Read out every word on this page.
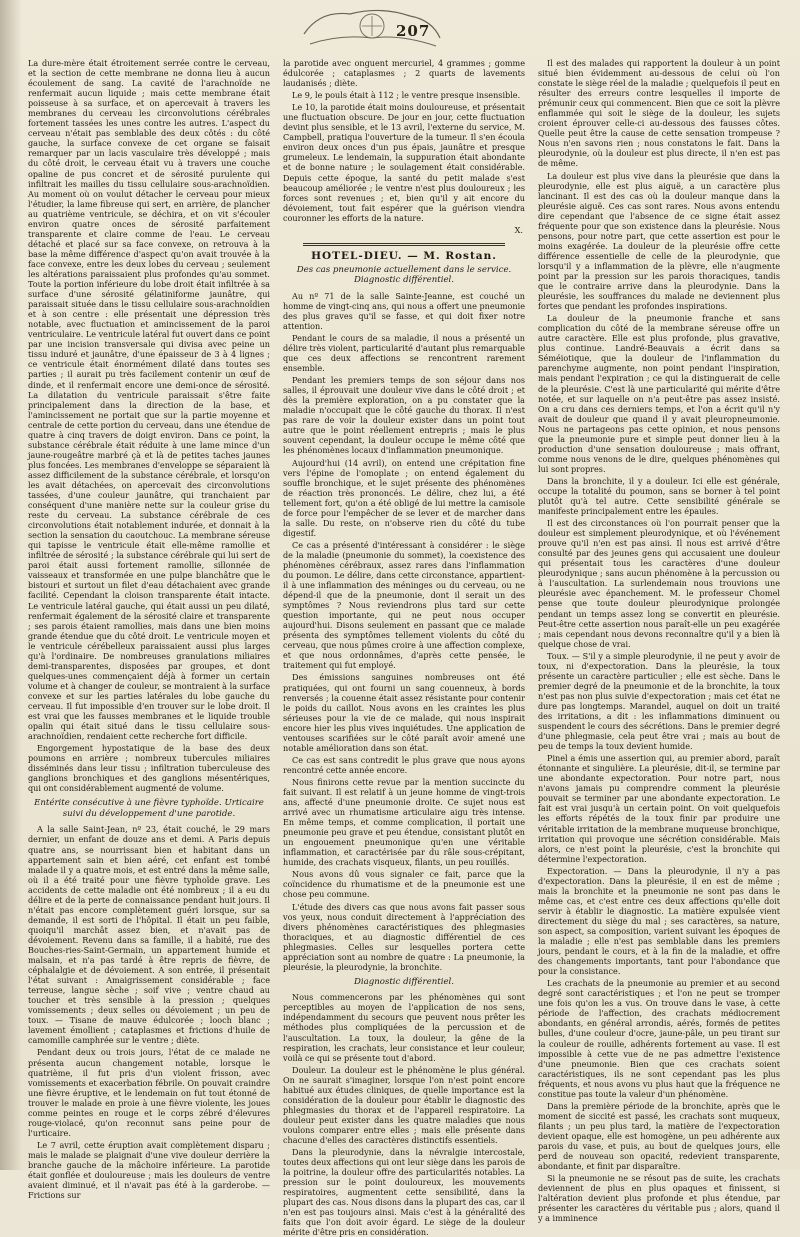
207

La dure-mère était étroitement serrée contre le cerveau, et la section de cette membrane ne donna lieu à aucun écoulement de sang. La cavité de l'arachnoïde ne renfermait aucun liquide ; mais cette membrane était poisseuse à sa surface, et on apercevait à travers les membranes du cerveau les circonvolutions cérébrales fortement tassées les unes contre les autres. L'aspect du cerveau n'était pas semblable des deux côtés : du côté gauche, la surface convexe de cet organe se faisait remarquer par un lacis vasculaire très développé ; mais du côté droit, le cerveau était vu à travers une couche opaline de pus concret et de sérosité purulente qui infiltrait les mailles du tissu cellulaire sous-arachnoïdien. Au moment où on voulut détacher le cerveau pour mieux l'étudier, la lame fibreuse qui sert, en arrière, de plancher au quatrième ventricule, se déchira, et on vit s'écouler environ quatre onces de sérosité parfaitement transparente et claire comme de l'eau. Le cerveau détaché et placé sur sa face convexe, on retrouva à la base la même différence d'aspect qu'on avait trouvée à la face convexe, entre les deux lobes du cerveau ; seulement les altérations paraissaient plus profondes qu'au sommet. Toute la portion inférieure du lobe droit était infiltrée à sa surface d'une sérosité gélatiniforme jaunâtre, qui paraissait située dans le tissu cellulaire sous-arachnoïdien et à son centre : elle présentait une dépression très notable, avec fluctuation et amincissement de la paroi ventriculaire. Le ventricule latéral fut ouvert dans ce point par une incision transversale qui divisa avec peine un tissu induré et jaunâtre, d'une épaisseur de 3 à 4 lignes ; ce ventricule était énormément dilaté dans toutes ses parties ; il aurait pu très facilement contenir un œuf de dinde, et il renfermait encore une demi-once de sérosité. La dilatation du ventricule paraissait s'être faite principalement dans la direction de la base, et l'amincissement ne portait que sur la partie moyenne et centrale de cette portion du cerveau, dans une étendue de quatre à cinq travers de doigt environ. Dans ce point, la substance cérébrale était réduite à une lame mince d'un jaune-rougeâtre marbré çà et là de petites taches jaunes plus foncées. Les membranes d'enveloppe se séparaient là assez difficilement de la substance cérébrale, et lorsqu'on les avait détachées, on apercevait des circonvolutions tassées, d'une couleur jaunâtre, qui tranchaient par conséquent d'une manière nette sur la couleur grise du reste du cerveau. La substance cérébrale de ces circonvolutions était notablement indurée, et donnait à la section la sensation du caoutchouc. La membrane séreuse qui tapisse le ventricule était elle-même ramollie et infiltrée de sérosité ; la substance cérébrale qui lui sert de paroi était aussi fortement ramollie, sillonnée de vaisseaux et transformée en une pulpe blanchâtre que le bistouri et surtout un filet d'eau détachaient avec grande facilité. Cependant la cloison transparente était intacte. Le ventricule latéral gauche, qui était aussi un peu dilaté, renfermait également de la sérosité claire et transparente ; ses parois étaient ramollies, mais dans une bien moins grande étendue que du côté droit. Le ventricule moyen et le ventricule cérébelleux paraissaient aussi plus larges qu'à l'ordinaire. De nombreuses granulations miliaires demi-transparentes, disposées par groupes, et dont quelques-unes commençaient déjà à former un certain volume et à changer de couleur, se montraient à la surface convexe et sur les parties latérales du lobe gauche du cerveau. Il fut impossible d'en trouver sur le lobe droit. Il est vrai que les fausses membranes et le liquide trouble opalin qui était situé dans le tissu cellulaire sous-arachnoïdien, rendaient cette recherche fort difficile.

Engorgement hypostatique de la base des deux poumons en arrière ; nombreux tubercules miliaires disséminés dans leur tissu ; infiltration tuberculeuse des ganglions bronchiques et des ganglions mésentériques, qui ont considérablement augmenté de volume.

Entérite consécutive à une fièvre typhoïde. Urticaire suivi du développement d'une parotide.

A la salle Saint-Jean, nº 23, était couché, le 29 mars dernier, un enfant de douze ans et demi. A Paris depuis quatre ans, se nourrissant bien et habitant dans un appartement sain et bien aéré, cet enfant est tombé malade il y a quatre mois, et est entré dans la même salle, où il a été traité pour une fièvre typhoïde grave. Les accidents de cette maladie ont été nombreux ; il a eu du délire et de la perte de connaissance pendant huit jours. Il n'était pas encore complètement guéri lorsque, sur sa demande, il est sorti de l'hôpital. Il était un peu faible, quoiqu'il marchât assez bien, et n'avait pas de dévoiement. Revenu dans sa famille, il a habité, rue des Bouches-ries-Saint-Germain, un appartement humide et malsain, et n'a pas tardé à être repris de fièvre, de céphalalgie et de dévoiement. A son entrée, il présentait l'état suivant : Amaigrissement considérable ; face terreuse, langue sèche ; soif vive ; ventre chaud au toucher et très sensible à la pression ; quelques vomissements ; deux selles ou dévoiement ; un peu de toux. — Tisane de mauve édulcorée ; looch blanc ; lavement émollient ; cataplasmes et frictions d'huile de camomille camphrée sur le ventre ; diète.

Pendant deux ou trois jours, l'état de ce malade ne présenta aucun changement notable, lorsque le quatrième, il fut pris d'un violent frisson, avec vomissements et exacerbation fébrile. On pouvait craindre une fièvre éruptive, et le lendemain on fut tout étonné de trouver le malade en proie à une fièvre violente, les joues comme peintes en rouge et le corps zébré d'élevures rouge-violacé, qu'on reconnut sans peine pour de l'urticaire.

Le 7 avril, cette éruption avait complètement disparu ; mais le malade se plaignait d'une vive douleur derrière la branche gauche de la mâchoire inférieure. La parotide était gonflée et douloureuse ; mais les douleurs de ventre avaient diminué, et il n'avait pas été à la garderobe. — Frictions sur

la parotide avec onguent mercuriel, 4 grammes ; gomme édulcorée ; cataplasmes ; 2 quarts de lavements laudanisés ; diète.

Le 9, le pouls était à 112 ; le ventre presque insensible.

Le 10, la parotide était moins douloureuse, et présentait une fluctuation obscure. De jour en jour, cette fluctuation devint plus sensible, et le 13 avril, l'externe du service, M. Campbell, pratiqua l'ouverture de la tumeur. Il s'en écoula environ deux onces d'un pus épais, jaunâtre et presque grumeleux. Le lendemain, la suppuration était abondante et de bonne nature ; le soulagement était considérable. Depuis cette époque, la santé du petit malade s'est beaucoup améliorée ; le ventre n'est plus douloureux ; les forces sont revenues ; et, bien qu'il y ait encore du dévoiement, tout fait espérer que la guérison viendra couronner les efforts de la nature.

X.
HOTEL-DIEU. — M. Rostan.
Des cas pneumonie actuellement dans le service. Diagnostic différentiel.

Au nº 71 de la salle Sainte-Jeanne, est couché un homme de vingt-cinq ans, qui nous a offert une pneumonie des plus graves qu'il se fasse, et qui doit fixer notre attention.

Pendant le cours de sa maladie, il nous a présenté un délire très violent, particularité d'autant plus remarquable que ces deux affections se rencontrent rarement ensemble.

Pendant les premiers temps de son séjour dans nos salles, il éprouvait une douleur vive dans le côté droit ; et dès la première exploration, on a pu constater que la maladie n'occupait que le côté gauche du thorax. Il n'est pas rare de voir la douleur exister dans un point tout autre que le point réellement entrepris ; mais le plus souvent cependant, la douleur occupe le même côté que les phénomènes locaux d'inflammation pneumonique.

Aujourd'hui (14 avril), on entend une crépitation fine vers l'épine de l'omoplate ; on entend également du souffle bronchique, et le sujet présente des phénomènes de réaction très prononcés. Le délire, chez lui, a été tellement fort, qu'on a été obligé de lui mettre la camisole de force pour l'empêcher de se lever et de marcher dans la salle. Du reste, on n'observe rien du côté du tube digestif.

Ce cas a présenté d'intéressant à considérer : le siège de la maladie (pneumonie du sommet), la coexistence des phénomènes cérébraux, assez rares dans l'inflammation du poumon. Le délire, dans cette circonstance, appartient-il à une inflammation des méninges ou du cerveau, ou ne dépend-il que de la pneumonie, dont il serait un des symptômes ? Nous reviendrons plus tard sur cette question importante, qui ne peut nous occuper aujourd'hui. Disons seulement en passant que ce malade présenta des symptômes tellement violents du côté du cerveau, que nous pûmes croire à une affection complexe, et que nous ordonnâmes, d'après cette pensée, le traitement qui fut employé.

Des émissions sanguines nombreuses ont été pratiquées, qui ont fourni un sang couenneux, à bords renversés ; la couenne était assez résistante pour contenir le poids du caillot. Nous avons en les craintes les plus sérieuses pour la vie de ce malade, qui nous inspirait encore hier les plus vives inquiétudes. Une application de ventouses scarifiées sur le côté paraît avoir amené une notable amélioration dans son état.

Ce cas est sans contredit le plus grave que nous ayons rencontré cette année encore.

Nous finirons cette revue par la mention succincte du fait suivant. Il est relatif à un jeune homme de vingt-trois ans, affecté d'une pneumonie droite. Ce sujet nous est arrivé avec un rhumatisme articulaire aigu très intense. En même temps, et comme complication, il portait une pneumonie peu grave et peu étendue, consistant plutôt en un engouement pneumonique qu'en une véritable inflammation, et caractérisée par du râle sous-crépitant, humide, des crachats visqueux, filants, un peu rouillés.

Nous avons dû vous signaler ce fait, parce que la coïncidence du rhumatisme et de la pneumonie est une chose peu commune.

L'étude des divers cas que nous avons fait passer sous vos yeux, nous conduit directement à l'appréciation des divers phénomènes caractéristiques des phlegmasies thoraciques, et au diagnostic différentiel de ces phlegmasies. Celles sur lesquelles portera cette appréciation sont au nombre de quatre : La pneumonie, la pleurésie, la pleurodynie, la bronchite.

Diagnostic différentiel.

Nous commencerons par les phénomènes qui sont perceptibles au moyen de l'application de nos sens, indépendamment du secours que peuvent nous prêter les méthodes plus compliquées de la percussion et de l'auscultation. La toux, la douleur, la gêne de la respiration, les crachats, leur consistance et leur couleur, voilà ce qui se présente tout d'abord.

Douleur. La douleur est le phénomène le plus général. On ne saurait s'imaginer, lorsque l'on n'est point encore habitué aux études cliniques, de quelle importance est la considération de la douleur pour établir le diagnostic des phlegmasies du thorax et de l'appareil respiratoire. La douleur peut exister dans les quatre maladies que nous voulons comparer entre elles ; mais elle présente dans chacune d'elles des caractères distinctifs essentiels.

Dans la pleurodynie, dans la névralgie intercostale, toutes deux affections qui ont leur siège dans les parois de la poitrine, la douleur offre des particularités notables. La pression sur le point douloureux, les mouvements respiratoires, augmentent cette sensibilité, dans la plupart des cas. Nous disons dans la plupart des cas, car il n'en est pas toujours ainsi. Mais c'est à la généralité des faits que l'on doit avoir égard. Le siège de la douleur mérite d'être pris en considération.

Il est des malades qui rapportent la douleur à un point situé bien évidemment au-dessous de celui où l'on constate le siège réel de la maladie ; quelquefois il peut en résulter des erreurs contre lesquelles il importe de prémunir ceux qui commencent. Bien que ce soit la plèvre enflammée qui soit le siège de la douleur, les sujets croient éprouver celle-ci au-dessous des fausses côtes. Quelle peut être la cause de cette sensation trompeuse ? Nous n'en savons rien ; nous constatons le fait. Dans la pleurodynie, où la douleur est plus directe, il n'en est pas de même.

La douleur est plus vive dans la pleurésie que dans la pleurodynie, elle est plus aiguë, a un caractère plus lancinant. Il est des cas où la douleur manque dans la pleurésie aiguë. Ces cas sont rares. Nous avons entendu dire cependant que l'absence de ce signe était assez fréquente pour que son existence dans la pleurésie. Nous pensons, pour notre part, que cette assertion est pour le moins exagérée. La douleur de la pleurésie offre cette différence essentielle de celle de la pleurodynie, que lorsqu'il y a inflammation de la plèvre, elle n'augmente point par la pression sur les parois thoraciques, tandis que le contraire arrive dans la pleurodynie. Dans la pleurésie, les souffrances du malade ne deviennent plus fortes que pendant les profondes inspirations.

La douleur de la pneumonie franche et sans complication du côté de la membrane séreuse offre un autre caractère. Elle est plus profonde, plus gravative, plus continue. Landré-Beauvais a écrit dans sa Séméiotique, que la douleur de l'inflammation du parenchyme augmente, non point pendant l'inspiration, mais pendant l'expiration ; ce qui la distinguerait de celle de la pleurésie. C'est là une particularité qui mérite d'être notée, et sur laquelle on n'a peut-être pas assez insisté. On a cru dans ces derniers temps, et l'on a écrit qu'il n'y avait de douleur que quand il y avait pleuropneumonie. Nous ne partageons pas cette opinion, et nous pensons que la pneumonie pure et simple peut donner lieu à la production d'une sensation douloureuse ; mais offrant, comme nous venons de le dire, quelques phénomènes qui lui sont propres.

Dans la bronchite, il y a douleur. Ici elle est générale, occupe la totalité du poumon, sans se borner à tel point plutôt qu'à tel autre. Cette sensibilité générale se manifeste principalement entre les épaules.

Il est des circonstances où l'on pourrait penser que la douleur est simplement pleurodynique, et où l'événement prouve qu'il n'en est pas ainsi. Il nous est arrivé d'être consulté par des jeunes gens qui accusaient une douleur qui présentait tous les caractères d'une douleur pleurodynique ; sans aucun phénomène à la percussion ou à l'auscultation. La surlendemain nous trouvions une pleurésie avec épanchement. M. le professeur Chomel pense que toute douleur pleurodynique prolongée pendant un temps assez long se convertit en pleurésie. Peut-être cette assertion nous paraît-elle un peu exagérée ; mais cependant nous devons reconnaître qu'il y a bien là quelque chose de vrai.

Toux. — S'il y a simple pleurodynie, il ne peut y avoir de toux, ni d'expectoration. Dans la pleurésie, la toux présente un caractère particulier ; elle est sèche. Dans le premier degré de la pneumonie et de la bronchite, la toux n'est pas non plus suivie d'expectoration ; mais cet état ne dure pas longtemps. Marandel, auquel on doit un traité des irritations, a dit : les inflammations diminuent ou suspendent le cours des sécrétions. Dans le premier degré d'une phlegmasie, cela peut être vrai ; mais au bout de peu de temps la toux devient humide.

Pinel a émis une assertion qui, au premier abord, paraît étonnante et singulière. La pleurésie, dit-il, se termine par une abondante expectoration. Pour notre part, nous n'avons jamais pu comprendre comment la pleurésie pouvait se terminer par une abondante expectoration. Le fait est vrai jusqu'à un certain point. On voit quelquefois les efforts répétés de la toux finir par produire une véritable irritation de la membrane muqueuse bronchique, irritation qui provoque une sécrétion considérable. Mais alors, ce n'est point la pleurésie, c'est la bronchite qui détermine l'expectoration.

Expectoration. — Dans la pleurodynie, il n'y a pas d'expectoration. Dans la pleurésie, il en est de même ; mais la bronchite et la pneumonie ne sont pas dans le même cas, et c'est entre ces deux affections qu'elle doit servir à établir le diagnostic. La matière expulsée vient directement du siège du mal ; ses caractères, sa nature, son aspect, sa composition, varient suivant les époques de la maladie ; elle n'est pas semblable dans les premiers jours, pendant le cours, et à la fin de la maladie, et offre des changements importants, tant pour l'abondance que pour la consistance.

Les crachats de la pneumonie au premier et au second degré sont caractéristiques ; et l'on ne peut se tromper une fois qu'on les a vus. On trouve dans le vase, à cette période de l'affection, des crachats médiocrement abondants, en général arrondis, aérés, formés de petites bulles, d'une couleur d'ocre, jaune-pâle, un peu tirant sur la couleur de rouille, adhérents fortement au vase. Il est impossible à cette vue de ne pas admettre l'existence d'une pneumonie. Bien que ces crachats soient caractéristiques, ils ne sont cependant pas les plus fréquents, et nous avons vu plus haut que la fréquence ne constitue pas toute la valeur d'un phénomène.

Dans la première période de la bronchite, après que le moment de siccité est passé, les crachats sont muqueux, filants ; un peu plus tard, la matière de l'expectoration devient opaque, elle est homogène, un peu adhérente aux parois du vase, et puis, au bout de quelques jours, elle perd de nouveau son opacité, redevient transparente, abondante, et finit par disparaître.

Si la pneumonie ne se résout pas de suite, les crachats deviennent de plus en plus opaques et finissent, si l'altération devient plus profonde et plus étendue, par présenter les caractères du véritable pus ; alors, quand il y a imminence
